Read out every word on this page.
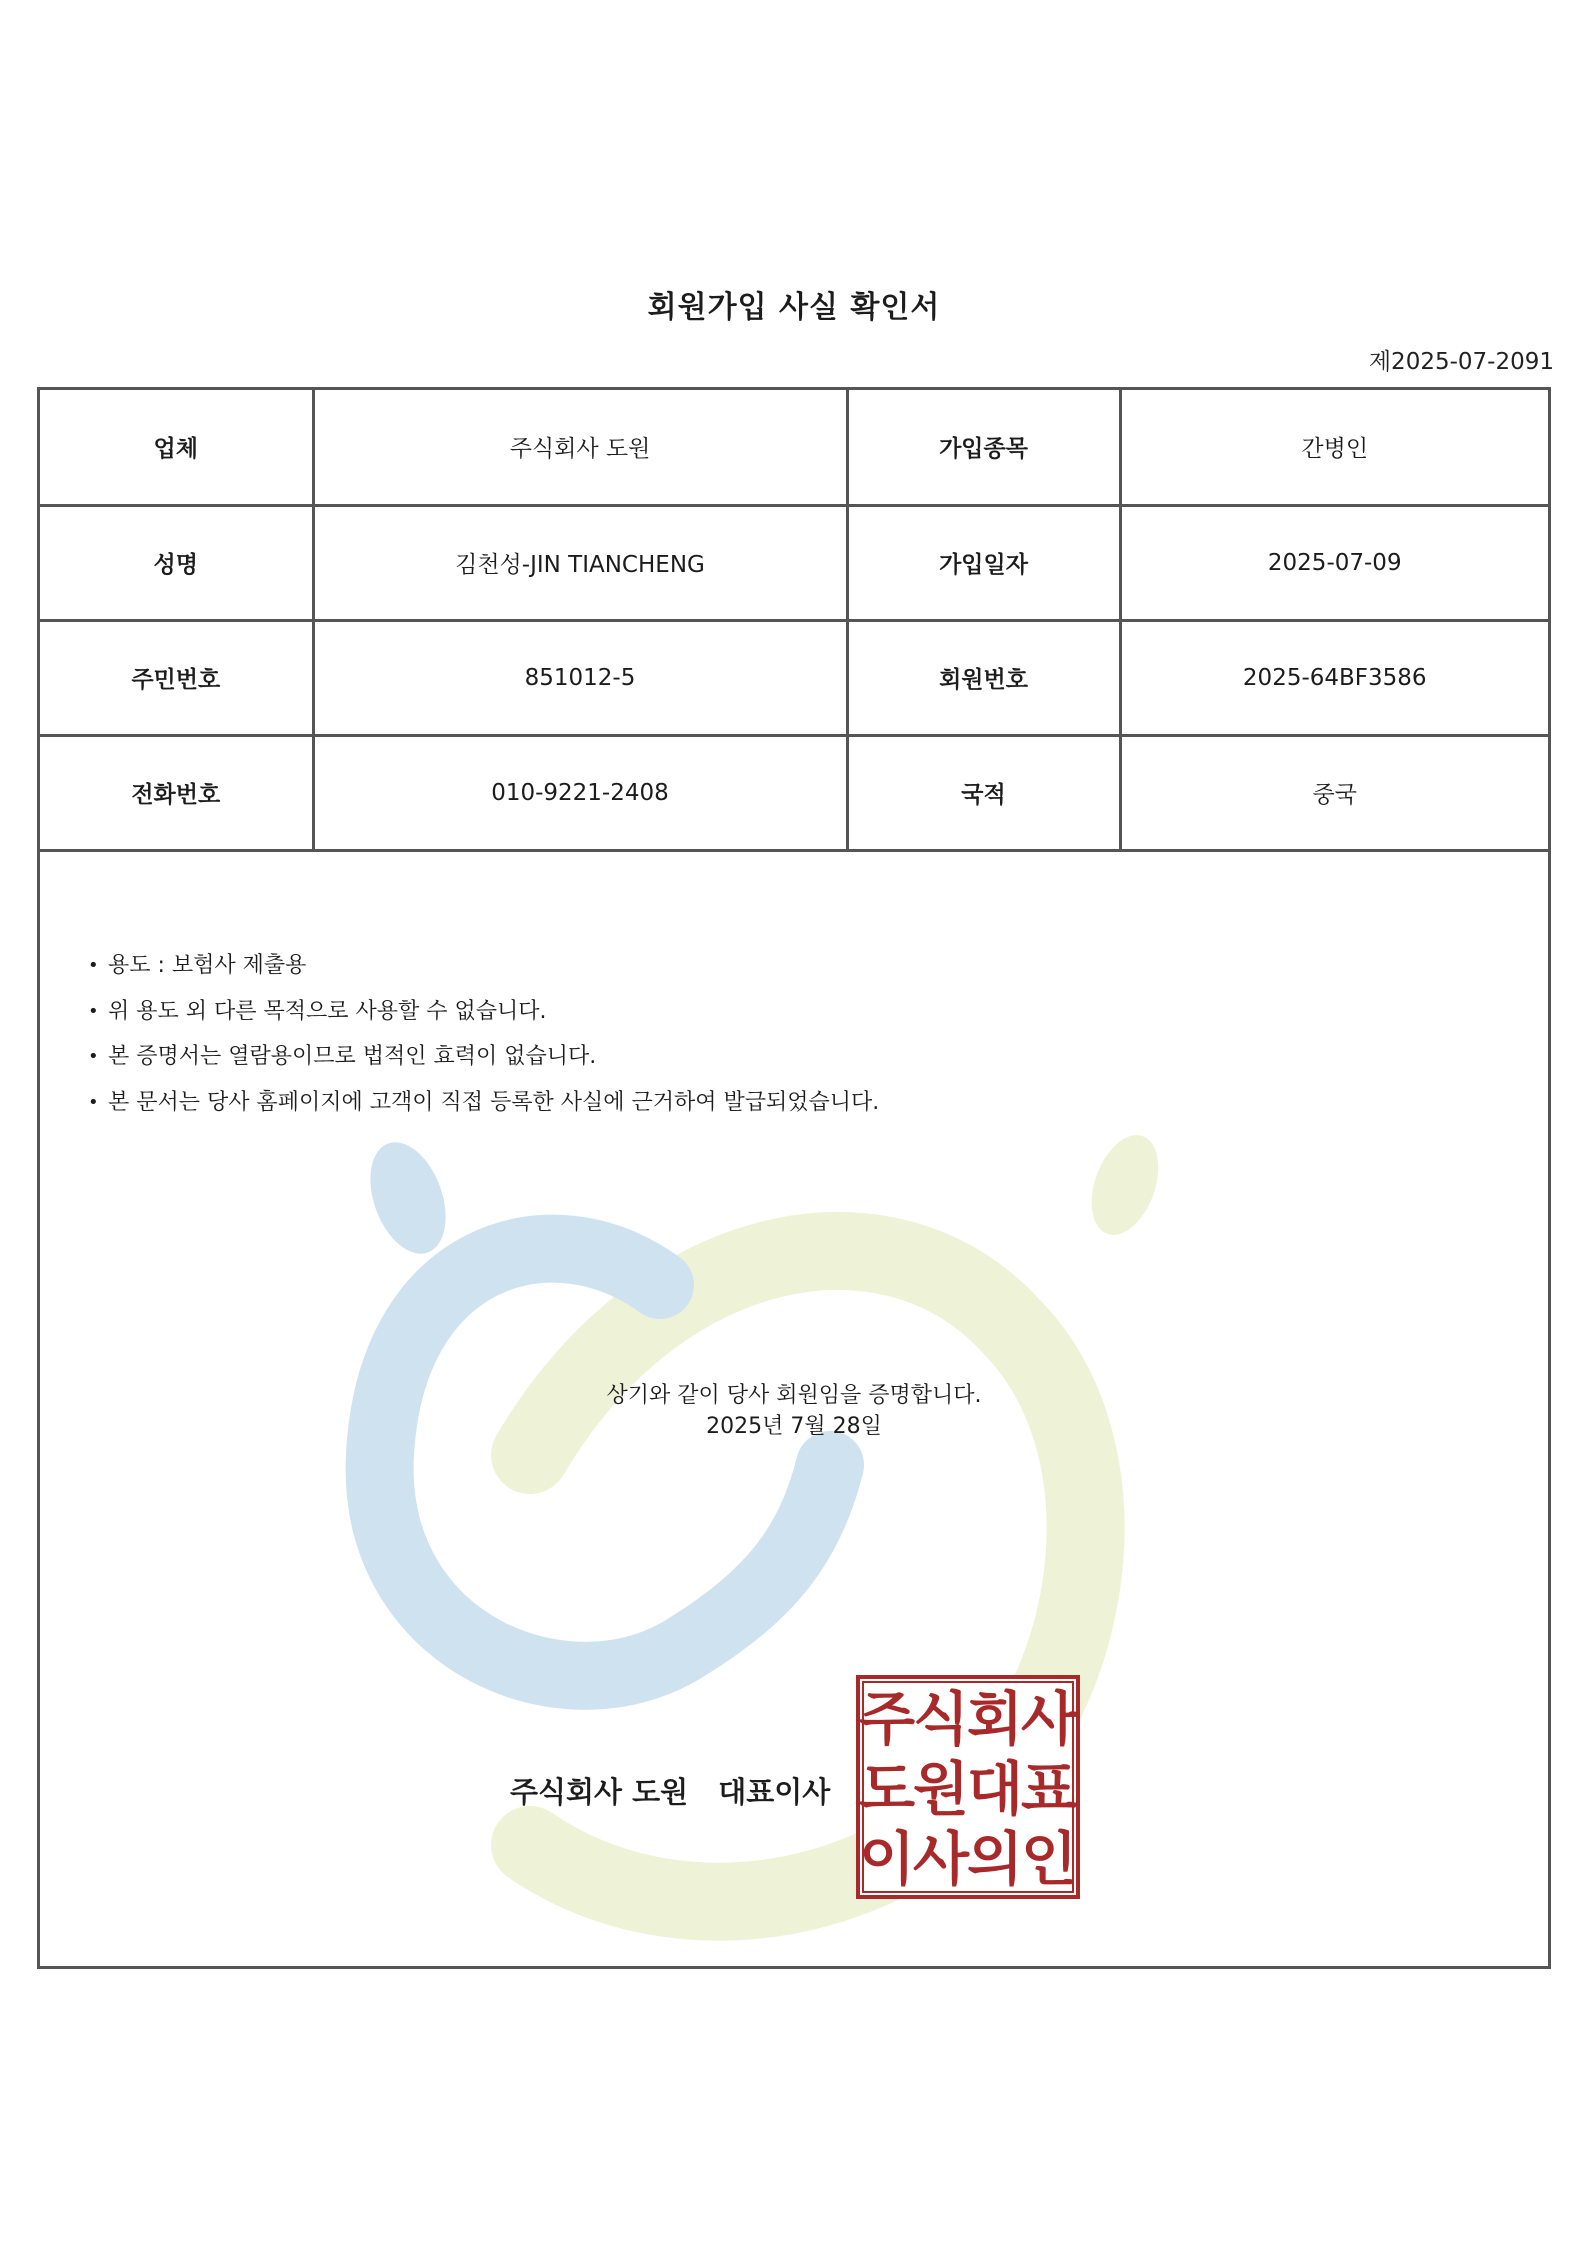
회원가입 사실 확인서
제2025-07-2091
업체	주식회사 도원	가입종목	간병인
성명	김천성-JIN TIANCHENG	가입일자	2025-07-09
주민번호	851012-5	회원번호	2025-64BF3586
전화번호	010-9221-2408	국적	중국
• 용도 : 보험사 제출용
• 위 용도 외 다른 목적으로 사용할 수 없습니다.
• 본 증명서는 열람용이므로 법적인 효력이 없습니다.
• 본 문서는 당사 홈페이지에 고객이 직접 등록한 사실에 근거하여 발급되었습니다.
상기와 같이 당사 회원임을 증명합니다.
2025년 7월 28일
주식회사 도원 대표이사
주
식
회
사
도
원
대
표
이
사
의
인
